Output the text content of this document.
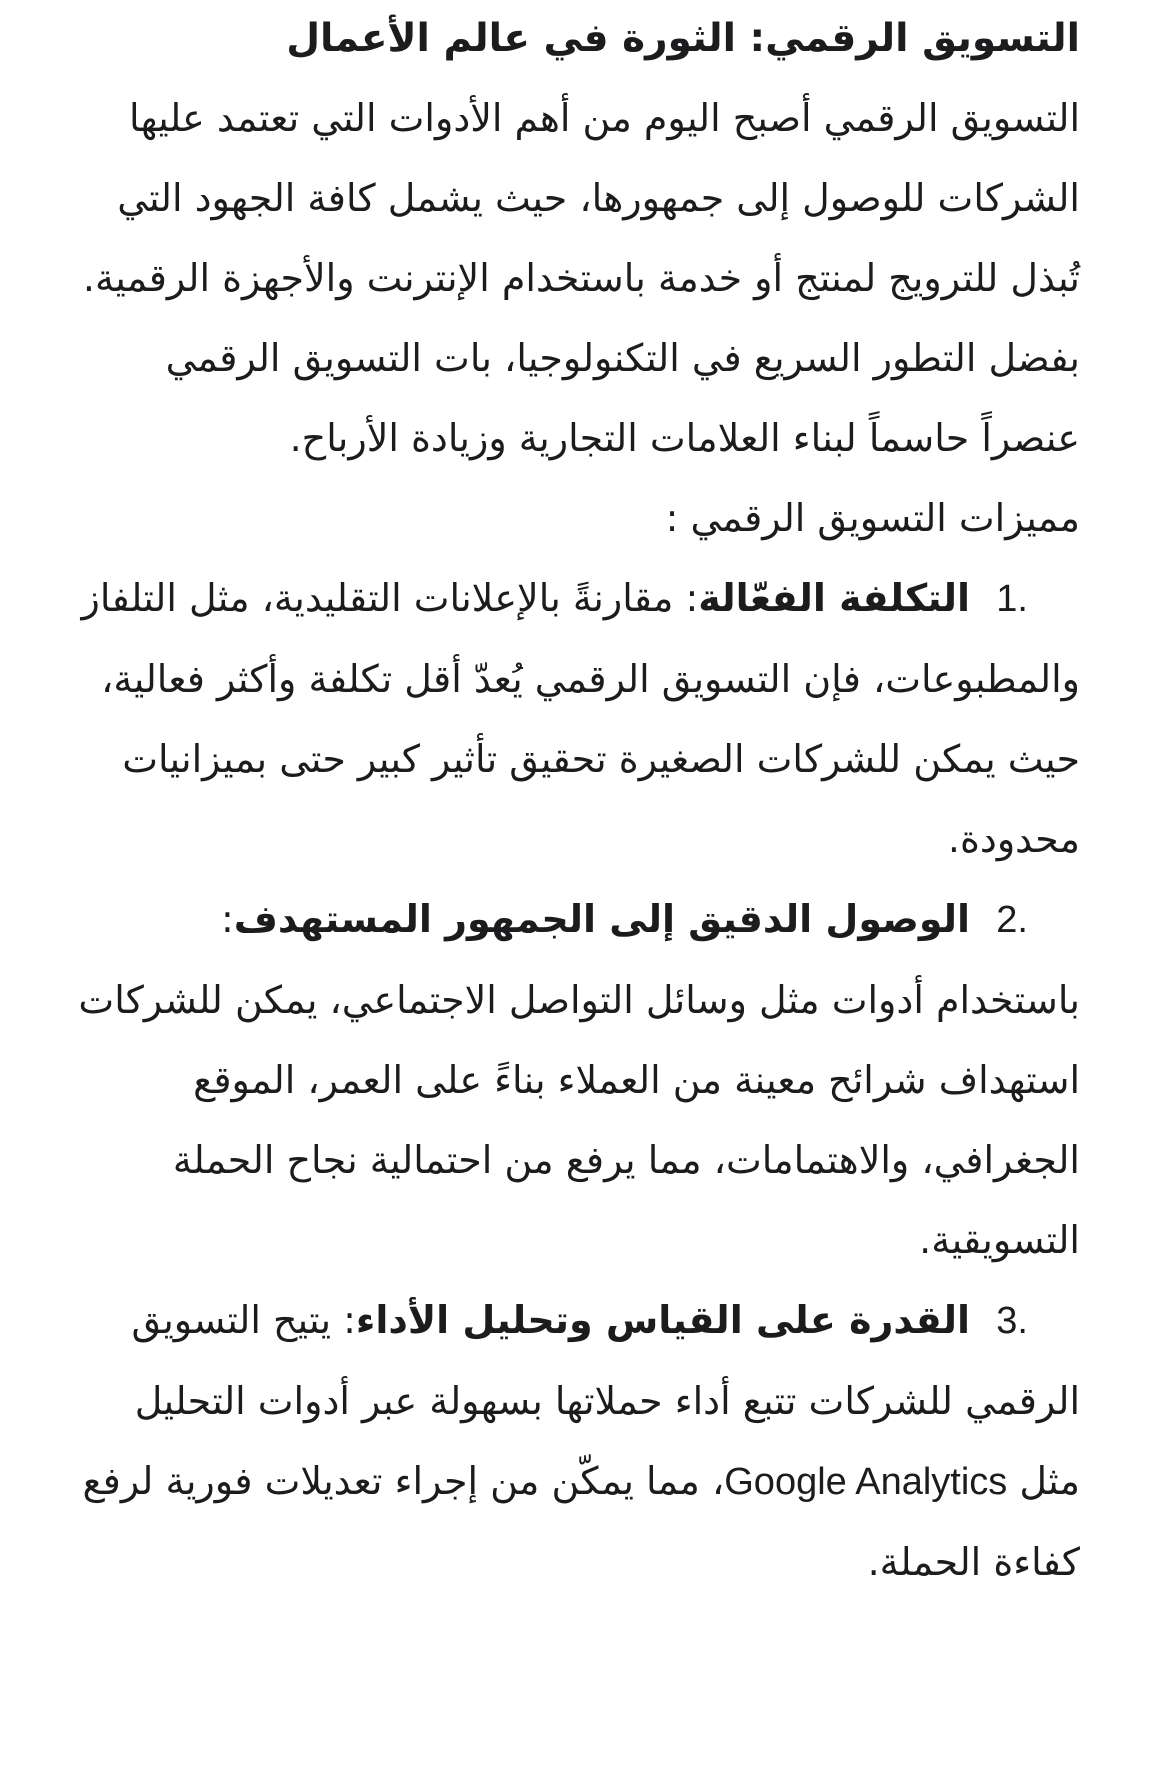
التسويق الرقمي: الثورة في عالم الأعمال

التسويق الرقمي أصبح اليوم من أهم الأدوات التي تعتمد عليها الشركات للوصول إلى جمهورها، حيث يشمل كافة الجهود التي تُبذل للترويج لمنتج أو خدمة باستخدام الإنترنت والأجهزة الرقمية. بفضل التطور السريع في التكنولوجيا، بات التسويق الرقمي عنصراً حاسماً لبناء العلامات التجارية وزيادة الأرباح.

مميزات التسويق الرقمي :

1.التكلفة الفعّالة: مقارنةً بالإعلانات التقليدية، مثل التلفاز والمطبوعات، فإن التسويق الرقمي يُعدّ أقل تكلفة وأكثر فعالية، حيث يمكن للشركات الصغيرة تحقيق تأثير كبير حتى بميزانيات محدودة.
2.الوصول الدقيق إلى الجمهور المستهدف: باستخدام أدوات مثل وسائل التواصل الاجتماعي، يمكن للشركات استهداف شرائح معينة من العملاء بناءً على العمر، الموقع الجغرافي، والاهتمامات، مما يرفع من احتمالية نجاح الحملة التسويقية.
3.القدرة على القياس وتحليل الأداء: يتيح التسويق الرقمي للشركات تتبع أداء حملاتها بسهولة عبر أدوات التحليل مثل Google Analytics، مما يمكّن من إجراء تعديلات فورية لرفع كفاءة الحملة.
